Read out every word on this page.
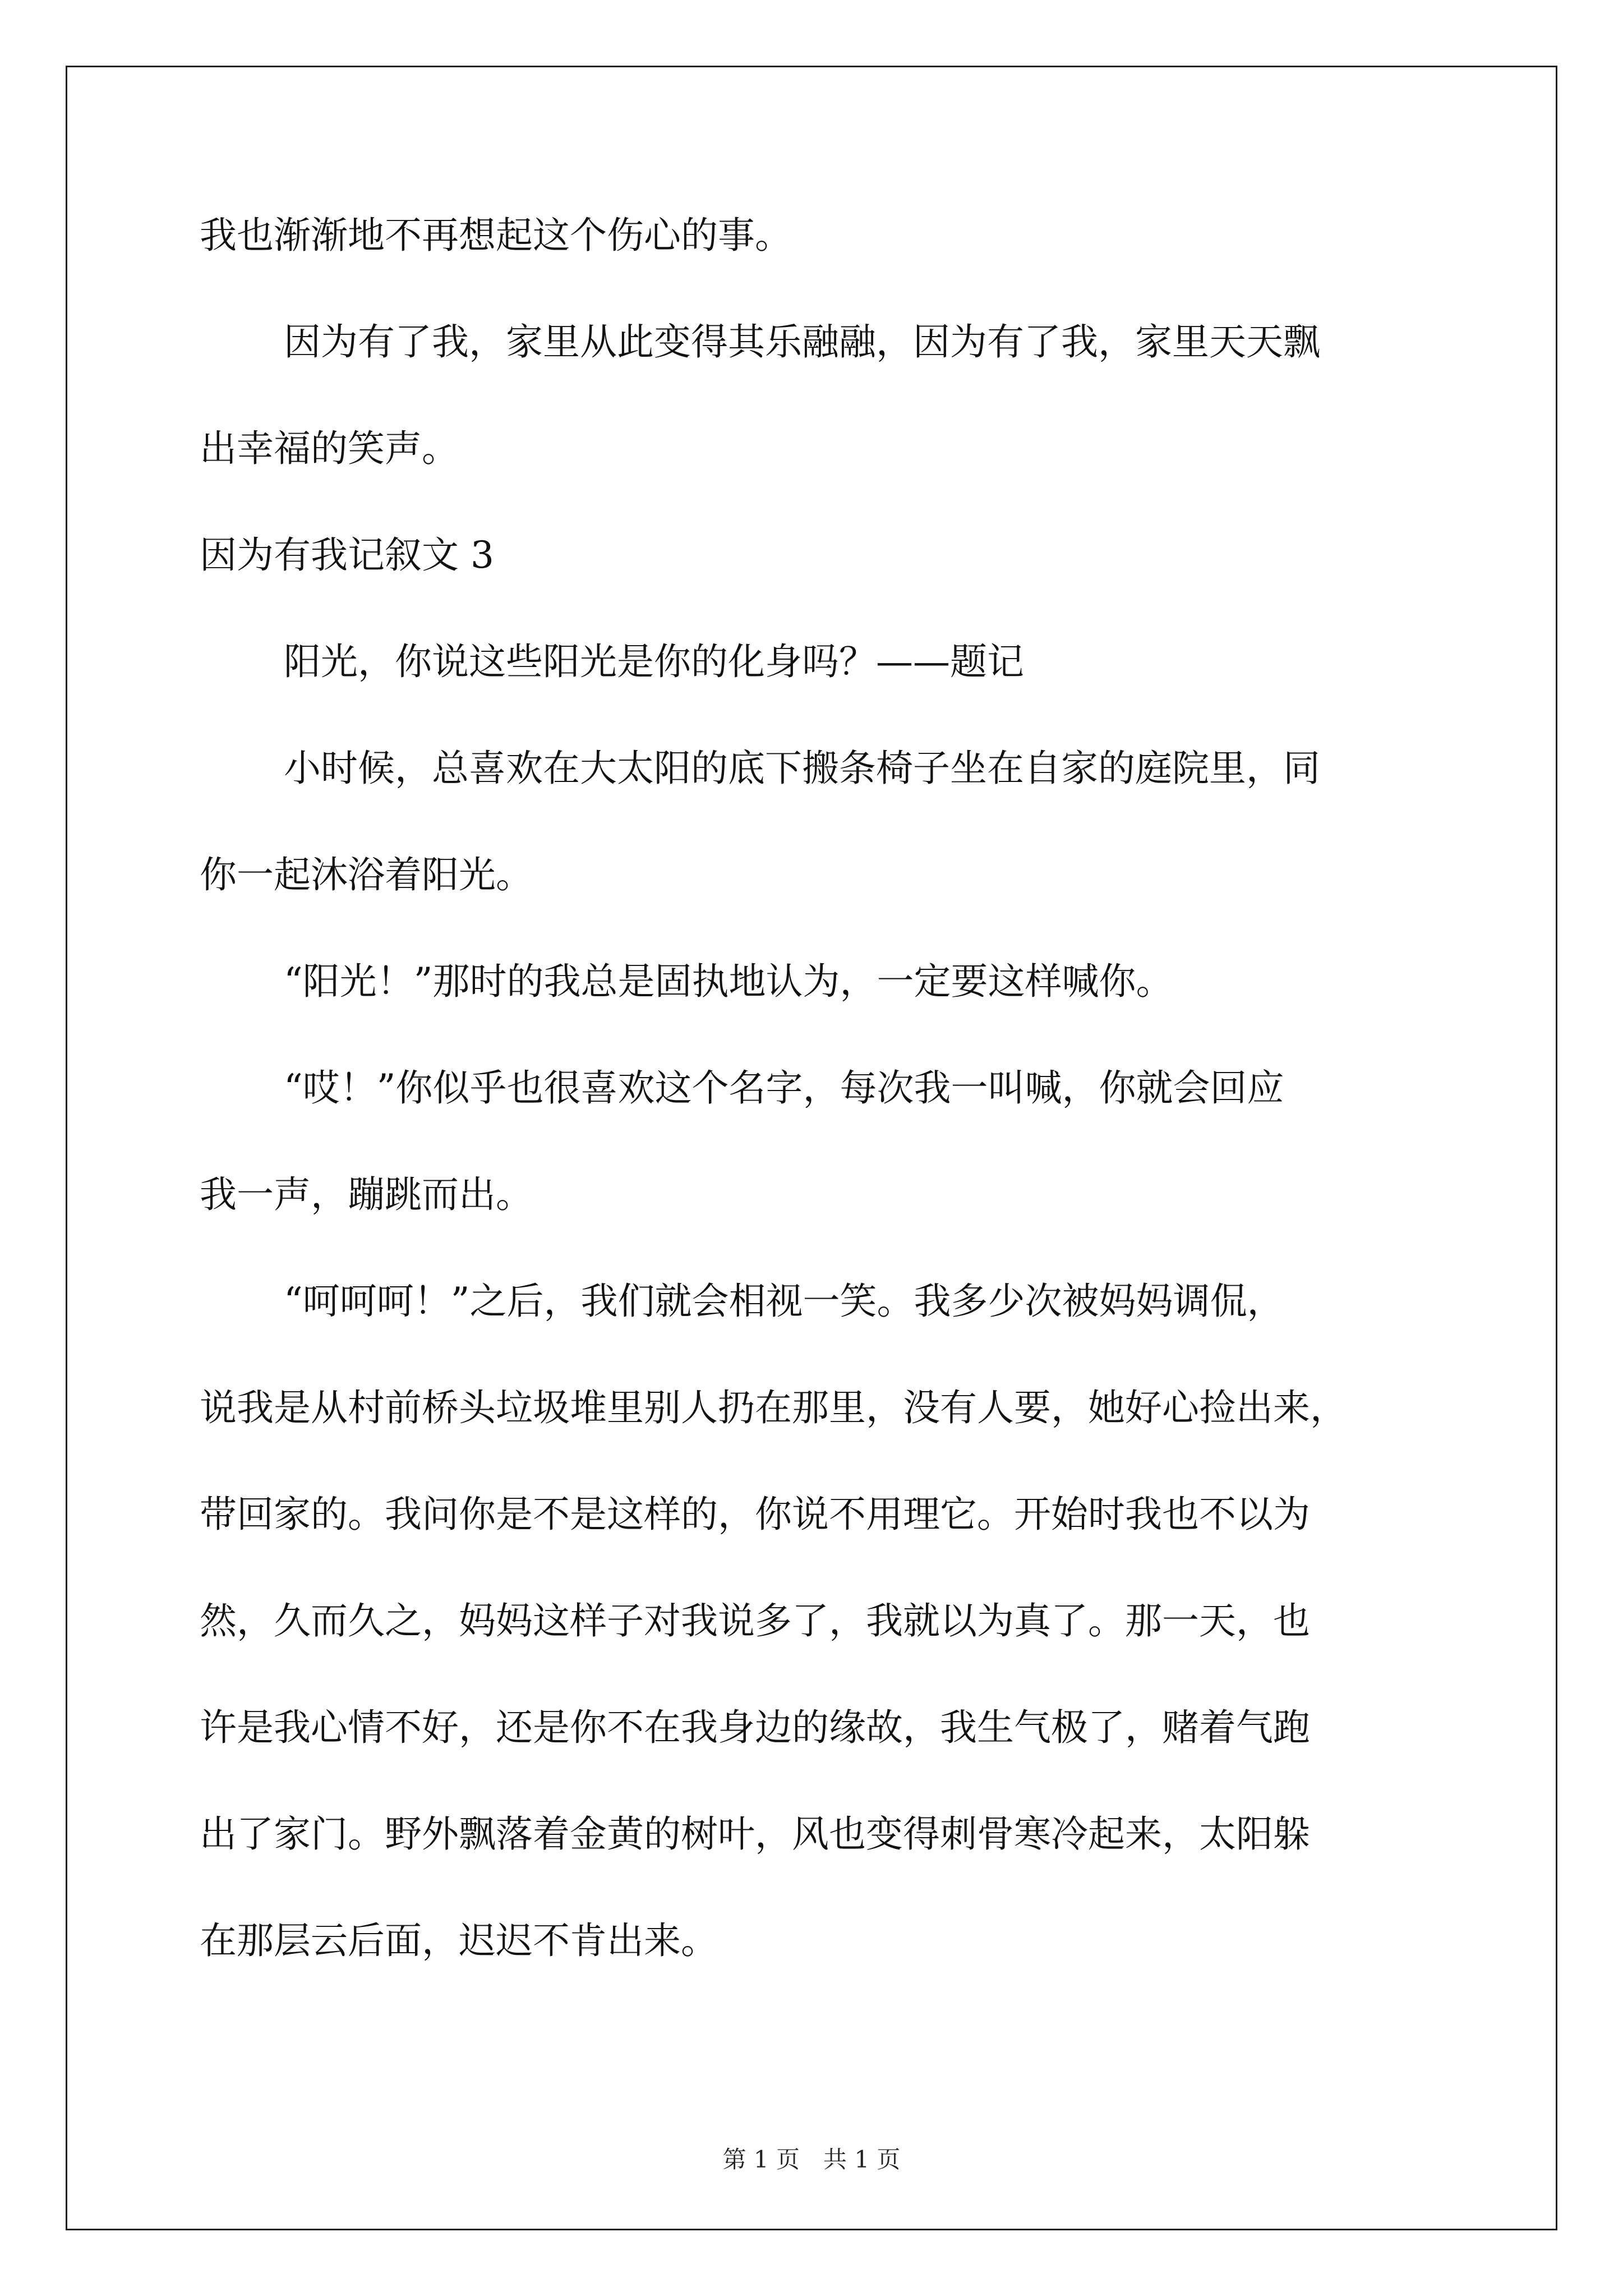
我也渐渐地不再想起这个伤心的事。
因为有了我，家里从此变得其乐融融，因为有了我，家里天天飘
出幸福的笑声。
因为有我记叙文 3
阳光，你说这些阳光是你的化身吗？——题记
小时候，总喜欢在大太阳的底下搬条椅子坐在自家的庭院里，同
你一起沐浴着阳光。
“阳光！”那时的我总是固执地认为，一定要这样喊你。
“哎！”你似乎也很喜欢这个名字，每次我一叫喊，你就会回应
我一声，蹦跳而出。
“呵呵呵！”之后，我们就会相视一笑。我多少次被妈妈调侃，
说我是从村前桥头垃圾堆里别人扔在那里，没有人要，她好心捡出来，
带回家的。我问你是不是这样的，你说不用理它。开始时我也不以为
然，久而久之，妈妈这样子对我说多了，我就以为真了。那一天，也
许是我心情不好，还是你不在我身边的缘故，我生气极了，赌着气跑
出了家门。野外飘落着金黄的树叶，风也变得刺骨寒冷起来，太阳躲
在那层云后面，迟迟不肯出来。
第 1 页　共 1 页
